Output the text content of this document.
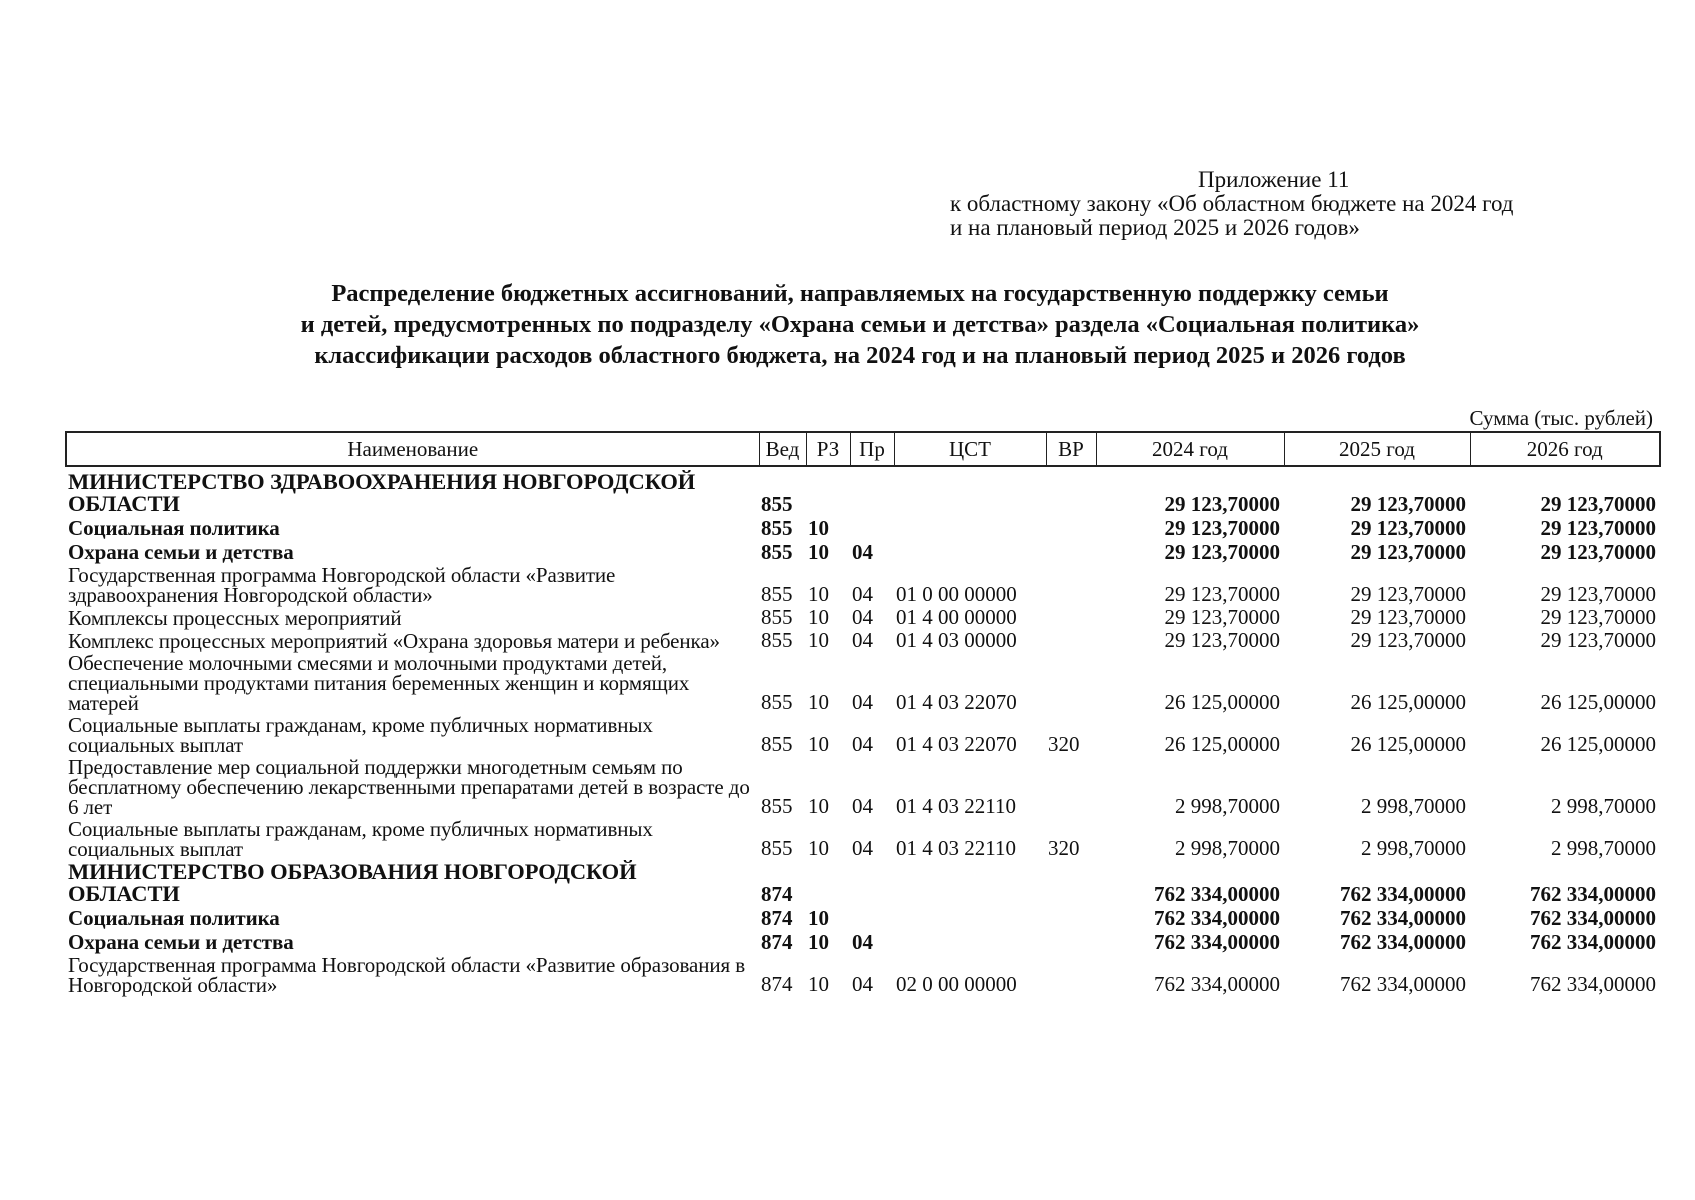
Приложение 11
к областному закону «Об областном бюджете на 2024 год
и на плановый период 2025 и 2026 годов»
Распределение бюджетных ассигнований, направляемых на государственную поддержку семьи
и детей, предусмотренных по подразделу «Охрана семьи и детства» раздела «Социальная политика»
классификации расходов областного бюджета, на 2024 год и на плановый период 2025 и 2026 годов
Сумма (тыс. рублей)
Наименование	Вед	РЗ	Пр	ЦСТ	ВР	2024 год	2025 год	2026 год
МИНИСТЕРСТВО ЗДРАВООХРАНЕНИЯ НОВГОРОДСКОЙ ОБЛАСТИ	855					29 123,70000	29 123,70000	29 123,70000
Социальная политика	855	10				29 123,70000	29 123,70000	29 123,70000
Охрана семьи и детства	855	10	04			29 123,70000	29 123,70000	29 123,70000
Государственная программа Новгородской области «Развитие здравоохранения Новгородской области»	855	10	04	01 0 00 00000		29 123,70000	29 123,70000	29 123,70000
Комплексы процессных мероприятий	855	10	04	01 4 00 00000		29 123,70000	29 123,70000	29 123,70000
Комплекс процессных мероприятий «Охрана здоровья матери и ребенка»	855	10	04	01 4 03 00000		29 123,70000	29 123,70000	29 123,70000
Обеспечение молочными смесями и молочными продуктами детей, специальными продуктами питания беременных женщин и кормящих матерей	855	10	04	01 4 03 22070		26 125,00000	26 125,00000	26 125,00000
Социальные выплаты гражданам, кроме публичных нормативных социальных выплат	855	10	04	01 4 03 22070	320	26 125,00000	26 125,00000	26 125,00000
Предоставление мер социальной поддержки многодетным семьям по бесплатному обеспечению лекарственными препаратами детей в возрасте до 6 лет	855	10	04	01 4 03 22110		2 998,70000	2 998,70000	2 998,70000
Социальные выплаты гражданам, кроме публичных нормативных социальных выплат	855	10	04	01 4 03 22110	320	2 998,70000	2 998,70000	2 998,70000
МИНИСТЕРСТВО ОБРАЗОВАНИЯ НОВГОРОДСКОЙ ОБЛАСТИ	874					762 334,00000	762 334,00000	762 334,00000
Социальная политика	874	10				762 334,00000	762 334,00000	762 334,00000
Охрана семьи и детства	874	10	04			762 334,00000	762 334,00000	762 334,00000
Государственная программа Новгородской области «Развитие образования в Новгородской области»	874	10	04	02 0 00 00000		762 334,00000	762 334,00000	762 334,00000
